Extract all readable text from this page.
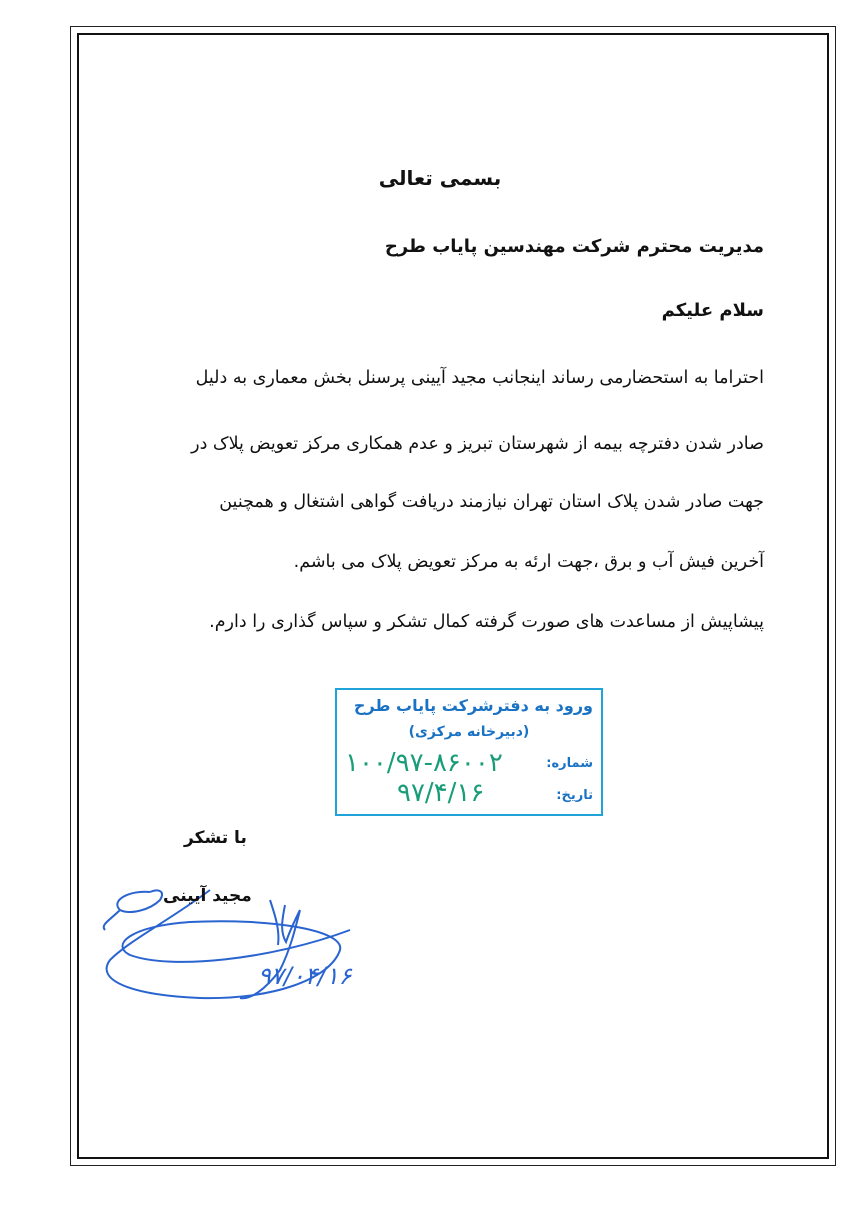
بسمی تعالی
مدیریت محترم شرکت مهندسین پایاب طرح
سلام علیکم
احتراما به استحضارمی رساند اینجانب مجید آیینی پرسنل بخش معماری به دلیل
صادر شدن دفترچه بیمه از شهرستان تبریز و عدم همکاری مرکز تعویض پلاک در
جهت صادر شدن پلاک استان تهران نیازمند دریافت گواهی اشتغال و همچنین
آخرین فیش آب و برق ،جهت ارئه به مرکز تعویض پلاک می باشم.
پیشاپیش از مساعدت های صورت گرفته کمال تشکر و سپاس گذاری را دارم.
ورود به دفترشرکت پایاب طرح
(دبیرخانه مرکزی)
شماره:
۱۰۰/۹۷-۸۶۰۰۲
تاریخ:
۹۷/۴/۱۶
با تشکر
مجید آیینی
۹۷/۰۴/۱۶
